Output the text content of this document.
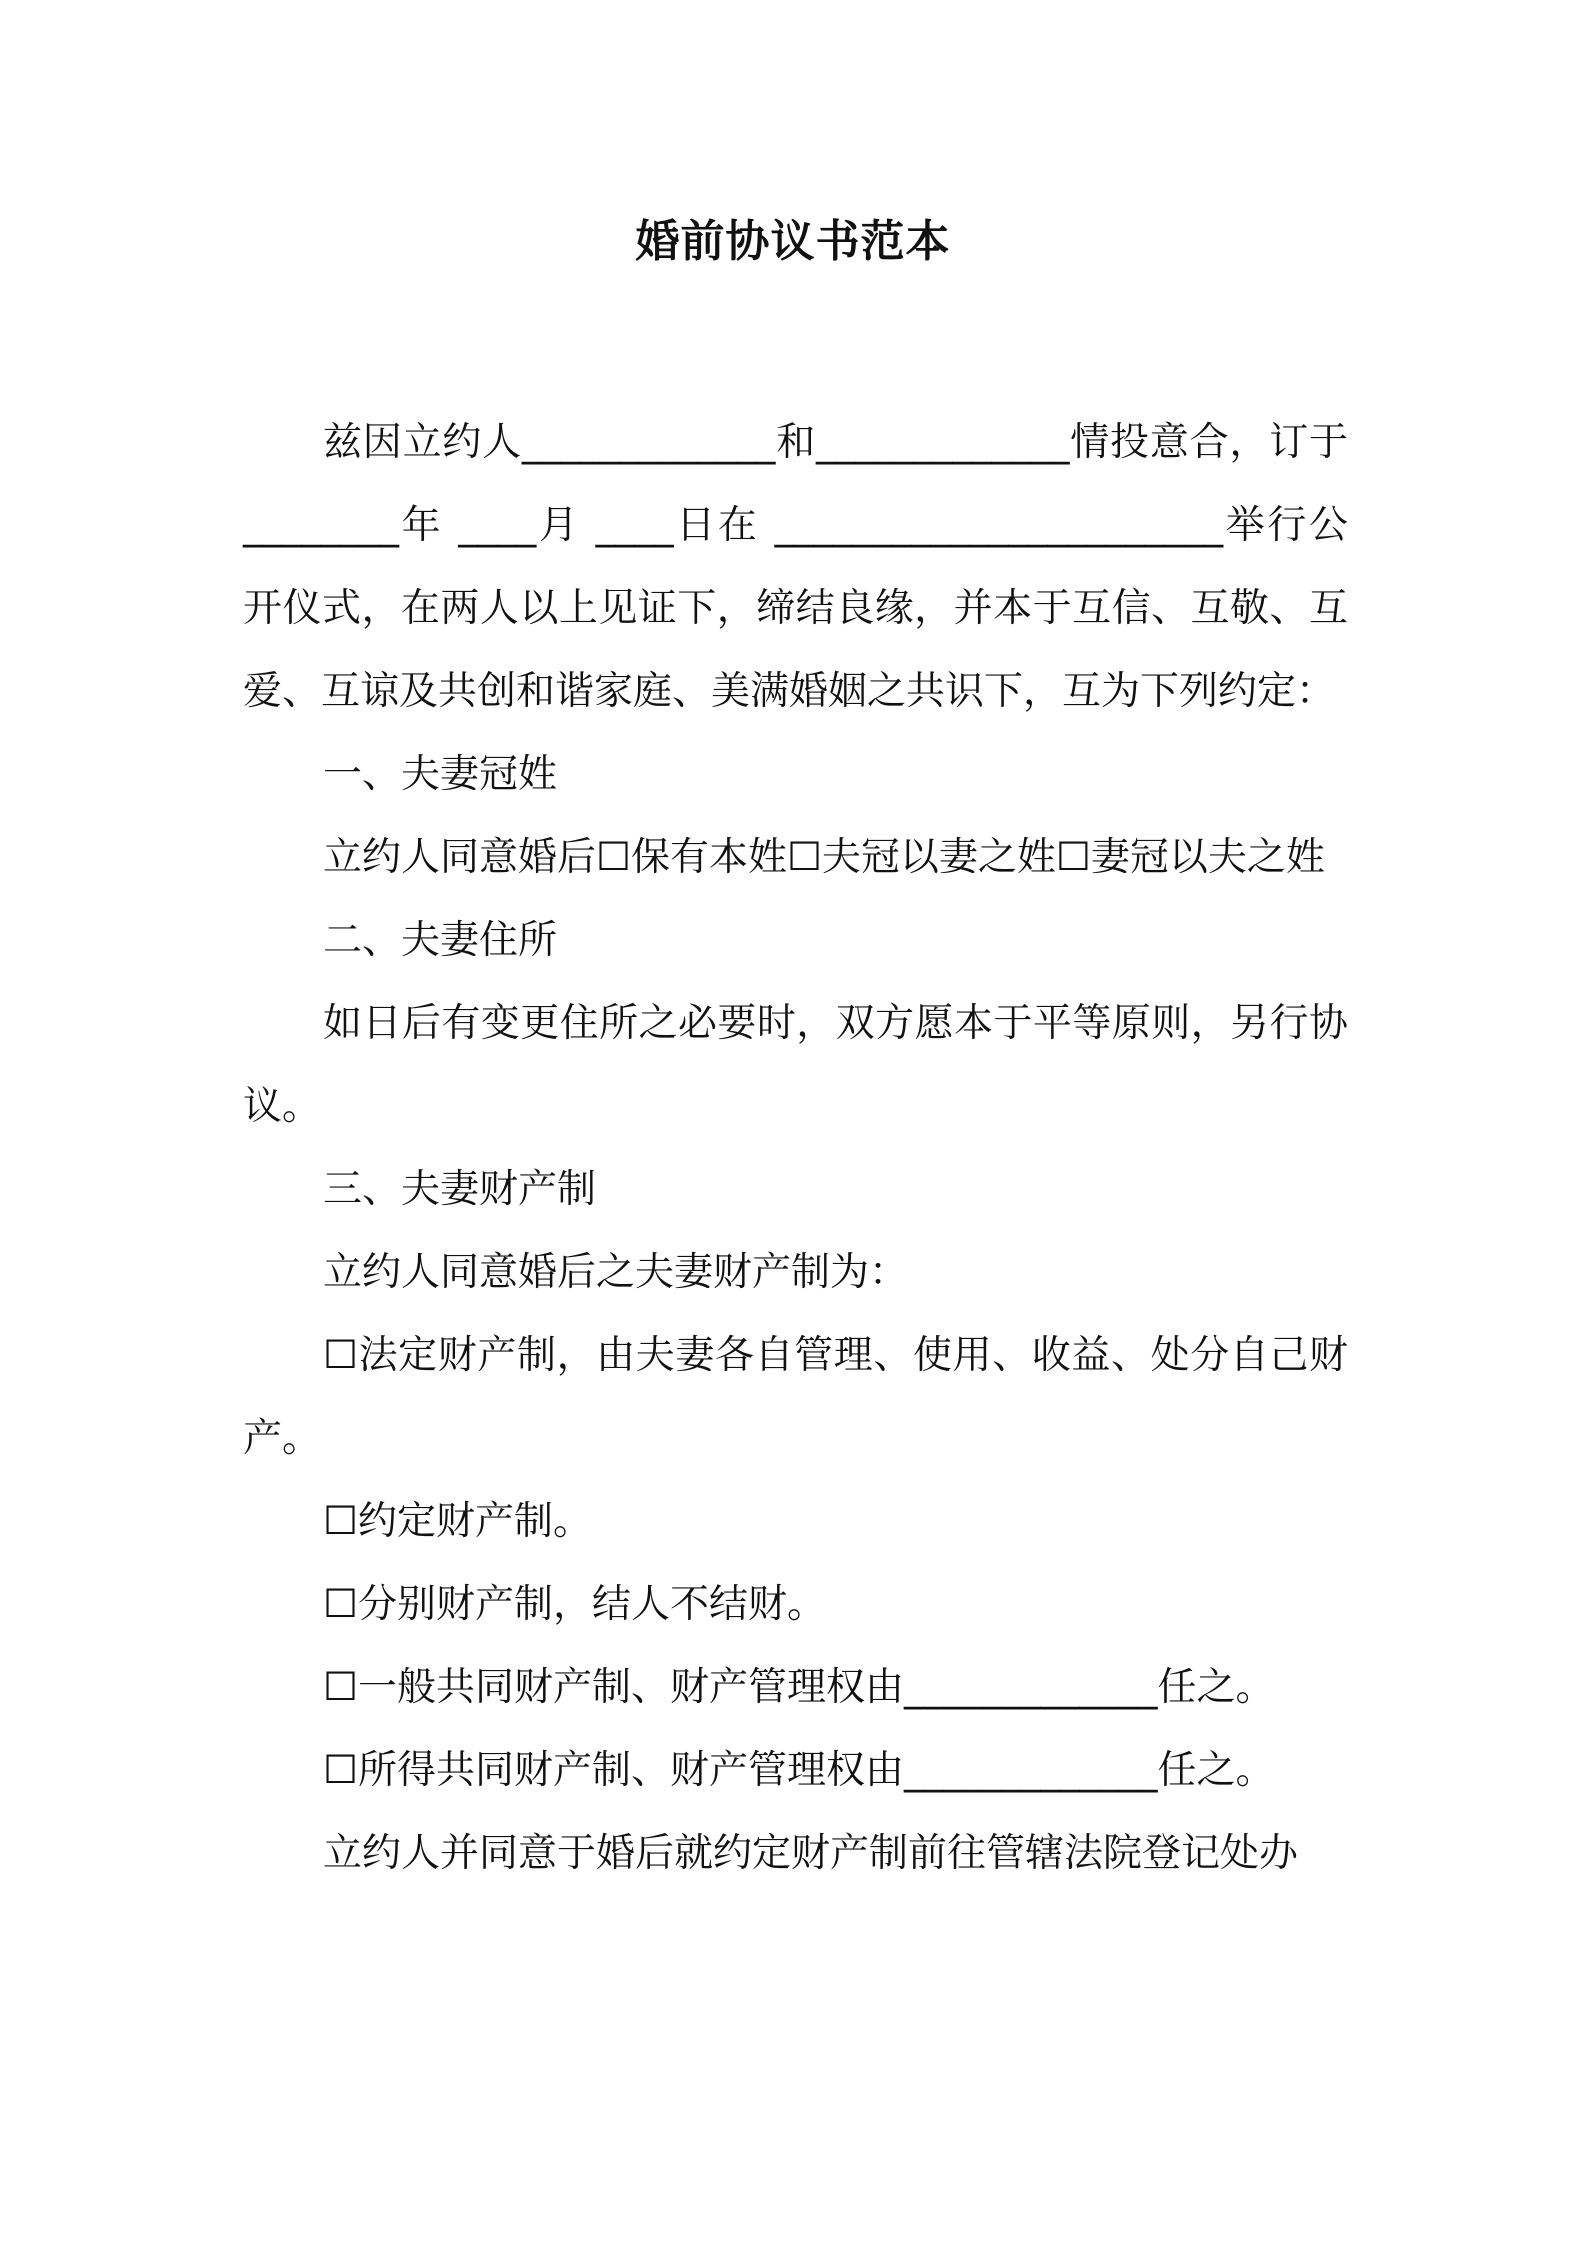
婚前协议书范本

兹因立约人_____________和_____________情投意合，订于 ________年 ____月 ____日在 _______________________举行公开仪式，在两人以上见证下，缔结良缘，并本于互信、互敬、互爱、互谅及共创和谐家庭、美满婚姻之共识下，互为下列约定：

一、夫妻冠姓

立约人同意婚后☐保有本姓☐夫冠以妻之姓☐妻冠以夫之姓

二、夫妻住所

如日后有变更住所之必要时，双方愿本于平等原则，另行协议。

三、夫妻财产制

立约人同意婚后之夫妻财产制为：

☐法定财产制，由夫妻各自管理、使用、收益、处分自己财产。

☐约定财产制。

☐分别财产制，结人不结财。

☐一般共同财产制、财产管理权由_____________任之。

☐所得共同财产制、财产管理权由_____________任之。

立约人并同意于婚后就约定财产制前往管辖法院登记处办
